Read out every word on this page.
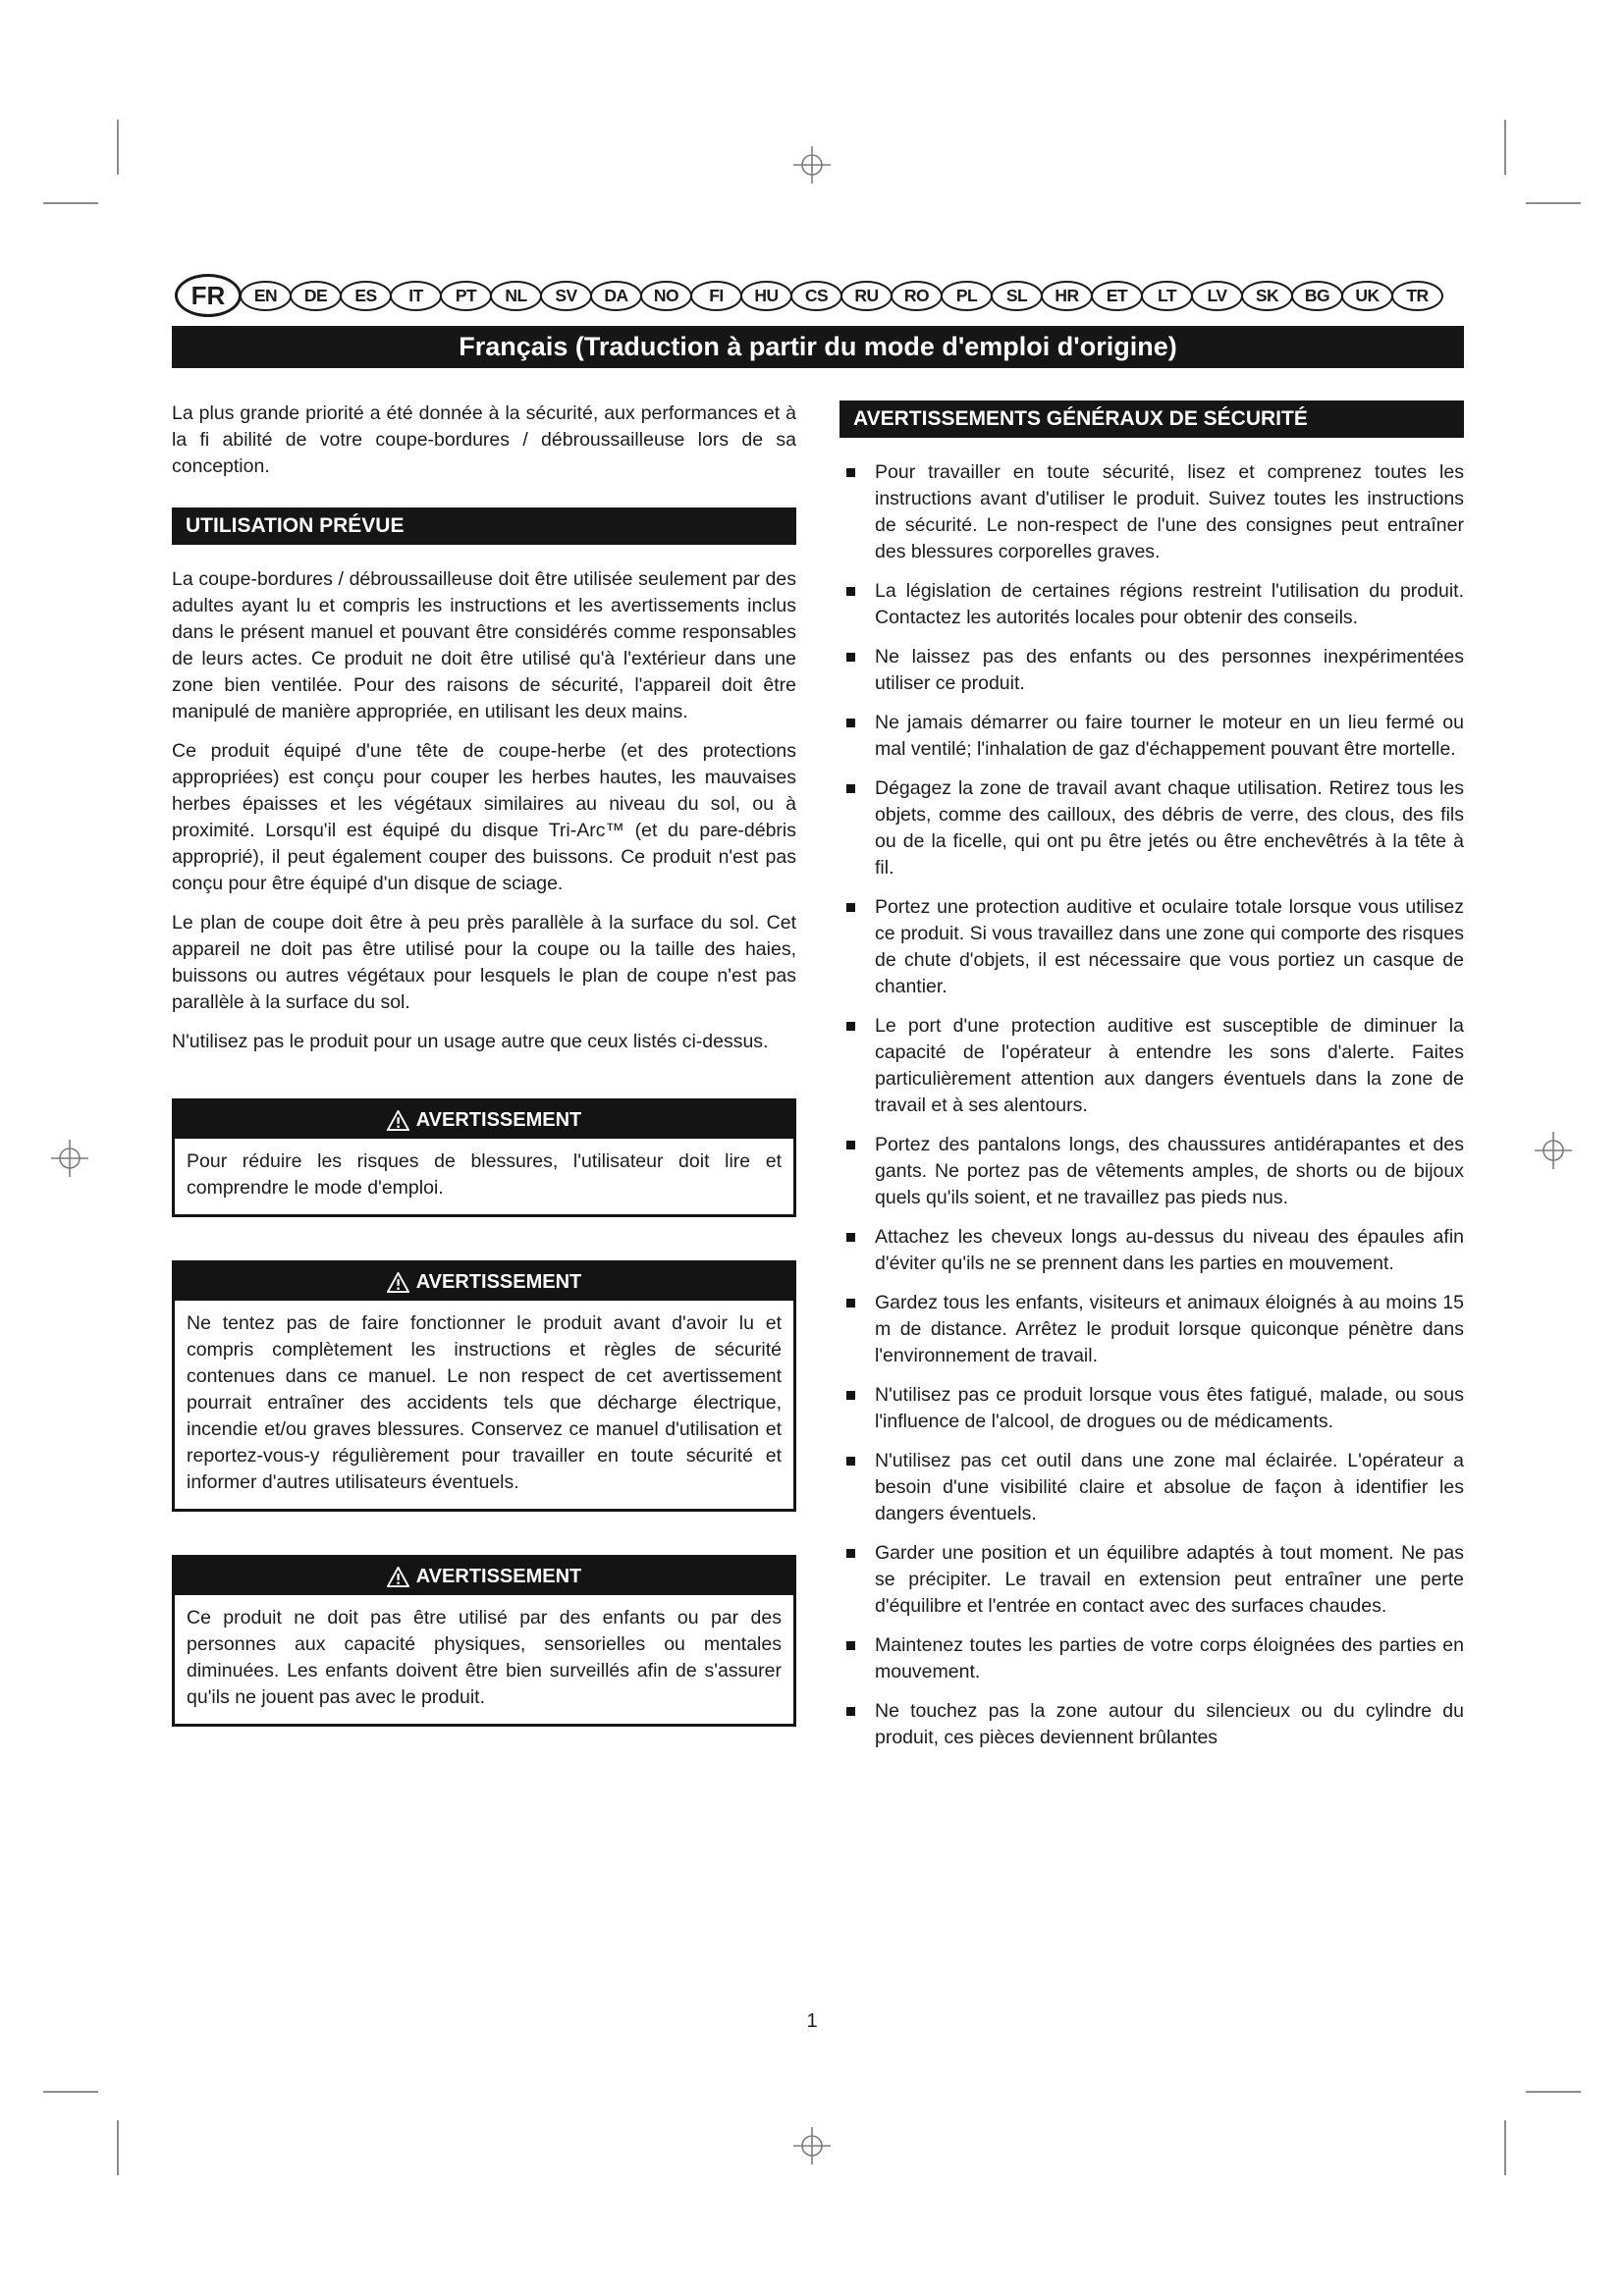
FR	EN	DE	ES	IT	PT	NL	SV	DA	NO	FI	HU	CS	RU	RO	PL	SL	HR	ET	LT	LV	SK	BG	UK	TR
Français (Traduction à partir du mode d'emploi d'origine)

La plus grande priorité a été donnée à la sécurité, aux performances et à la fi abilité de votre coupe-bordures / débroussailleuse lors de sa conception.

UTILISATION PRÉVUE

La coupe-bordures / débroussailleuse doit être utilisée seulement par des adultes ayant lu et compris les instructions et les avertissements inclus dans le présent manuel et pouvant être considérés comme responsables de leurs actes. Ce produit ne doit être utilisé qu'à l'extérieur dans une zone bien ventilée. Pour des raisons de sécurité, l'appareil doit être manipulé de manière appropriée, en utilisant les deux mains.

Ce produit équipé d'une tête de coupe-herbe (et des protections appropriées) est conçu pour couper les herbes hautes, les mauvaises herbes épaisses et les végétaux similaires au niveau du sol, ou à proximité. Lorsqu'il est équipé du disque Tri-Arc™ (et du pare-débris approprié), il peut également couper des buissons. Ce produit n'est pas conçu pour être équipé d'un disque de sciage.

Le plan de coupe doit être à peu près parallèle à la surface du sol. Cet appareil ne doit pas être utilisé pour la coupe ou la taille des haies, buissons ou autres végétaux pour lesquels le plan de coupe n'est pas parallèle à la surface du sol.

N'utilisez pas le produit pour un usage autre que ceux listés ci-dessus.

AVERTISSEMENT
Pour réduire les risques de blessures, l'utilisateur doit lire et comprendre le mode d'emploi.
AVERTISSEMENT
Ne tentez pas de faire fonctionner le produit avant d'avoir lu et compris complètement les instructions et règles de sécurité contenues dans ce manuel. Le non respect de cet avertissement pourrait entraîner des accidents tels que décharge électrique, incendie et/ou graves blessures. Conservez ce manuel d'utilisation et reportez-vous-y régulièrement pour travailler en toute sécurité et informer d'autres utilisateurs éventuels.
AVERTISSEMENT
Ce produit ne doit pas être utilisé par des enfants ou par des personnes aux capacité physiques, sensorielles ou mentales diminuées. Les enfants doivent être bien surveillés afin de s'assurer qu'ils ne jouent pas avec le produit.
AVERTISSEMENTS GÉNÉRAUX DE SÉCURITÉ
Pour travailler en toute sécurité, lisez et comprenez toutes les instructions avant d'utiliser le produit. Suivez toutes les instructions de sécurité. Le non-respect de l'une des consignes peut entraîner des blessures corporelles graves.
La législation de certaines régions restreint l'utilisation du produit. Contactez les autorités locales pour obtenir des conseils.
Ne laissez pas des enfants ou des personnes inexpérimentées utiliser ce produit.
Ne jamais démarrer ou faire tourner le moteur en un lieu fermé ou mal ventilé; l'inhalation de gaz d'échappement pouvant être mortelle.
Dégagez la zone de travail avant chaque utilisation. Retirez tous les objets, comme des cailloux, des débris de verre, des clous, des fils ou de la ficelle, qui ont pu être jetés ou être enchevêtrés à la tête à fil.
Portez une protection auditive et oculaire totale lorsque vous utilisez ce produit. Si vous travaillez dans une zone qui comporte des risques de chute d'objets, il est nécessaire que vous portiez un casque de chantier.
Le port d'une protection auditive est susceptible de diminuer la capacité de l'opérateur à entendre les sons d'alerte. Faites particulièrement attention aux dangers éventuels dans la zone de travail et à ses alentours.
Portez des pantalons longs, des chaussures antidérapantes et des gants. Ne portez pas de vêtements amples, de shorts ou de bijoux quels qu'ils soient, et ne travaillez pas pieds nus.
Attachez les cheveux longs au-dessus du niveau des épaules afin d'éviter qu'ils ne se prennent dans les parties en mouvement.
Gardez tous les enfants, visiteurs et animaux éloignés à au moins 15 m de distance. Arrêtez le produit lorsque quiconque pénètre dans l'environnement de travail.
N'utilisez pas ce produit lorsque vous êtes fatigué, malade, ou sous l'influence de l'alcool, de drogues ou de médicaments.
N'utilisez pas cet outil dans une zone mal éclairée. L'opérateur a besoin d'une visibilité claire et absolue de façon à identifier les dangers éventuels.
Garder une position et un équilibre adaptés à tout moment. Ne pas se précipiter. Le travail en extension peut entraîner une perte d'équilibre et l'entrée en contact avec des surfaces chaudes.
Maintenez toutes les parties de votre corps éloignées des parties en mouvement.
Ne touchez pas la zone autour du silencieux ou du cylindre du produit, ces pièces deviennent brûlantes
1
